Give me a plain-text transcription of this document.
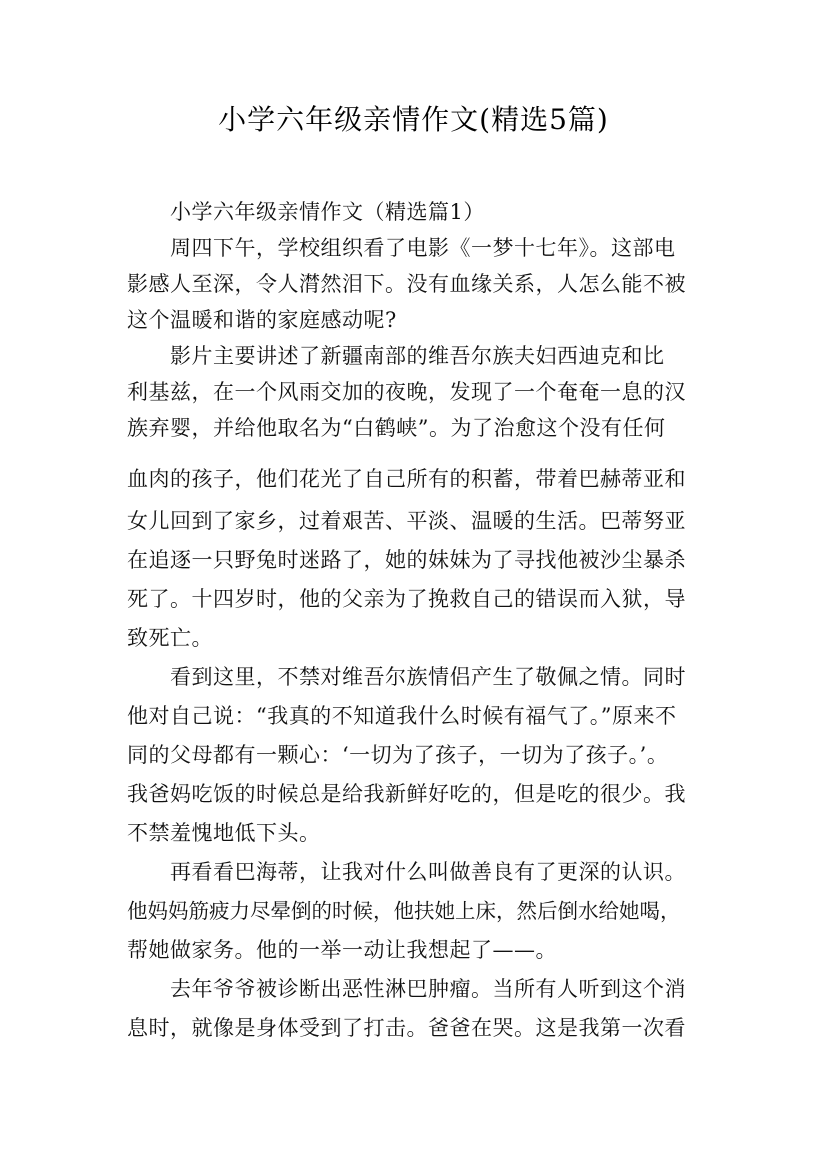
小学六年级亲情作文(精选5篇)
小学六年级亲情作文（精选篇1）
周四下午，学校组织看了电影《一梦十七年》。这部电
影感人至深，令人潸然泪下。没有血缘关系，人怎么能不被
这个温暖和谐的家庭感动呢?
影片主要讲述了新疆南部的维吾尔族夫妇西迪克和比
利基兹，在一个风雨交加的夜晚，发现了一个奄奄一息的汉
族弃婴，并给他取名为“白鹤峡”。为了治愈这个没有任何
血肉的孩子，他们花光了自己所有的积蓄，带着巴赫蒂亚和
女儿回到了家乡，过着艰苦、平淡、温暖的生活。巴蒂努亚
在追逐一只野兔时迷路了，她的妹妹为了寻找他被沙尘暴杀
死了。十四岁时，他的父亲为了挽救自己的错误而入狱，导
致死亡。
看到这里，不禁对维吾尔族情侣产生了敬佩之情。同时
他对自己说：“我真的不知道我什么时候有福气了。”原来不
同的父母都有一颗心：‘一切为了孩子，一切为了孩子。’。
我爸妈吃饭的时候总是给我新鲜好吃的，但是吃的很少。我
不禁羞愧地低下头。
再看看巴海蒂，让我对什么叫做善良有了更深的认识。
他妈妈筋疲力尽晕倒的时候，他扶她上床，然后倒水给她喝，
帮她做家务。他的一举一动让我想起了——。
去年爷爷被诊断出恶性淋巴肿瘤。当所有人听到这个消
息时，就像是身体受到了打击。爸爸在哭。这是我第一次看
